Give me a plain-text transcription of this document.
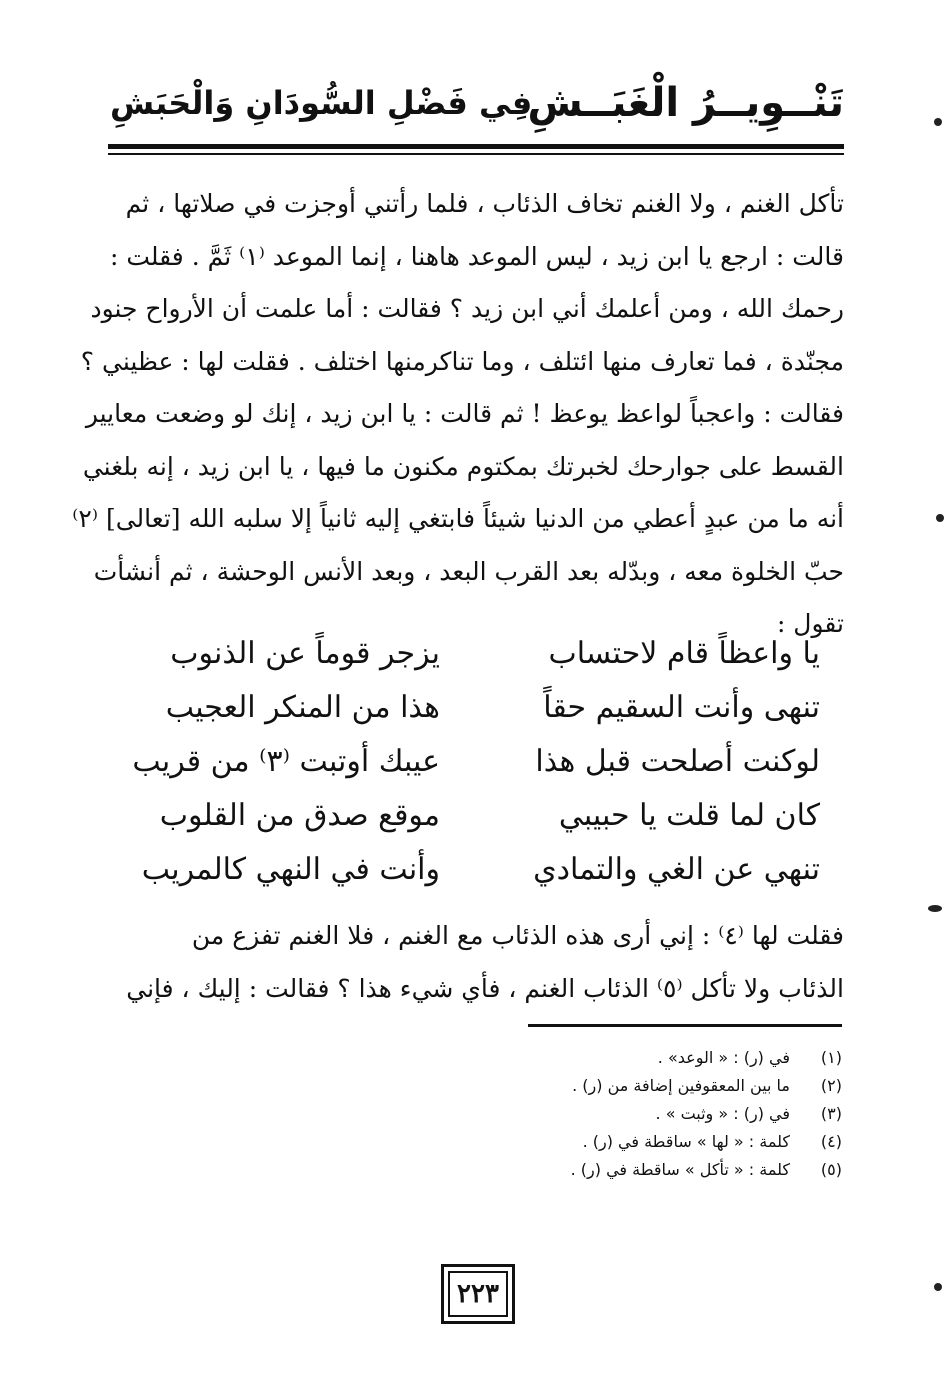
تَنْــوِيــرُ الْغَبَــشِ
فِي فَضْلِ السُّودَانِ وَالْحَبَشِ
تأكل الغنم ، ولا الغنم تخاف الذئاب ، فلما رأتني أوجزت في صلاتها ، ثم
قالت : ارجع يا ابن زيد ، ليس الموعد هاهنا ، إنما الموعد ⁽١⁾ ثَمَّ . فقلت :
رحمك الله ، ومن أعلمك أني ابن زيد ؟ فقالت : أما علمت أن الأرواح جنود
مجنّدة ، فما تعارف منها ائتلف ، وما تناكرمنها اختلف . فقلت لها : عظيني ؟
فقالت : واعجباً لواعظ يوعظ ! ثم قالت : يا ابن زيد ، إنك لو وضعت معايير
القسط على جوارحك لخبرتك بمكتوم مكنون ما فيها ، يا ابن زيد ، إنه بلغني
أنه ما من عبدٍ أعطي من الدنيا شيئاً فابتغي إليه ثانياً إلا سلبه الله [تعالى] ⁽٢⁾
حبّ الخلوة معه ، وبدّله بعد القرب البعد ، وبعد الأنس الوحشة ، ثم أنشأت
تقول :
يا واعظاً قام لاحتساب
يزجر قوماً عن الذنوب
تنهى وأنت السقيم حقاً
هذا من المنكر العجيب
لوكنت أصلحت قبل هذا
عيبك أوتبت ⁽٣⁾ من قريب
كان لما قلت يا حبيبي
موقع صدق من القلوب
تنهي عن الغي والتمادي
وأنت في النهي كالمريب
فقلت لها ⁽٤⁾ : إني أرى هذه الذئاب مع الغنم ، فلا الغنم تفزع من
الذئاب ولا تأكل ⁽٥⁾ الذئاب الغنم ، فأي شيء هذا ؟ فقالت : إليك ، فإني
(١)
في (ر) : « الوعد» .
(٢)
ما بين المعقوفين إضافة من (ر) .
(٣)
في (ر) : « وثبت » .
(٤)
كلمة : « لها » ساقطة في (ر) .
(٥)
كلمة : « تأكل » ساقطة في (ر) .
٢٢٣
